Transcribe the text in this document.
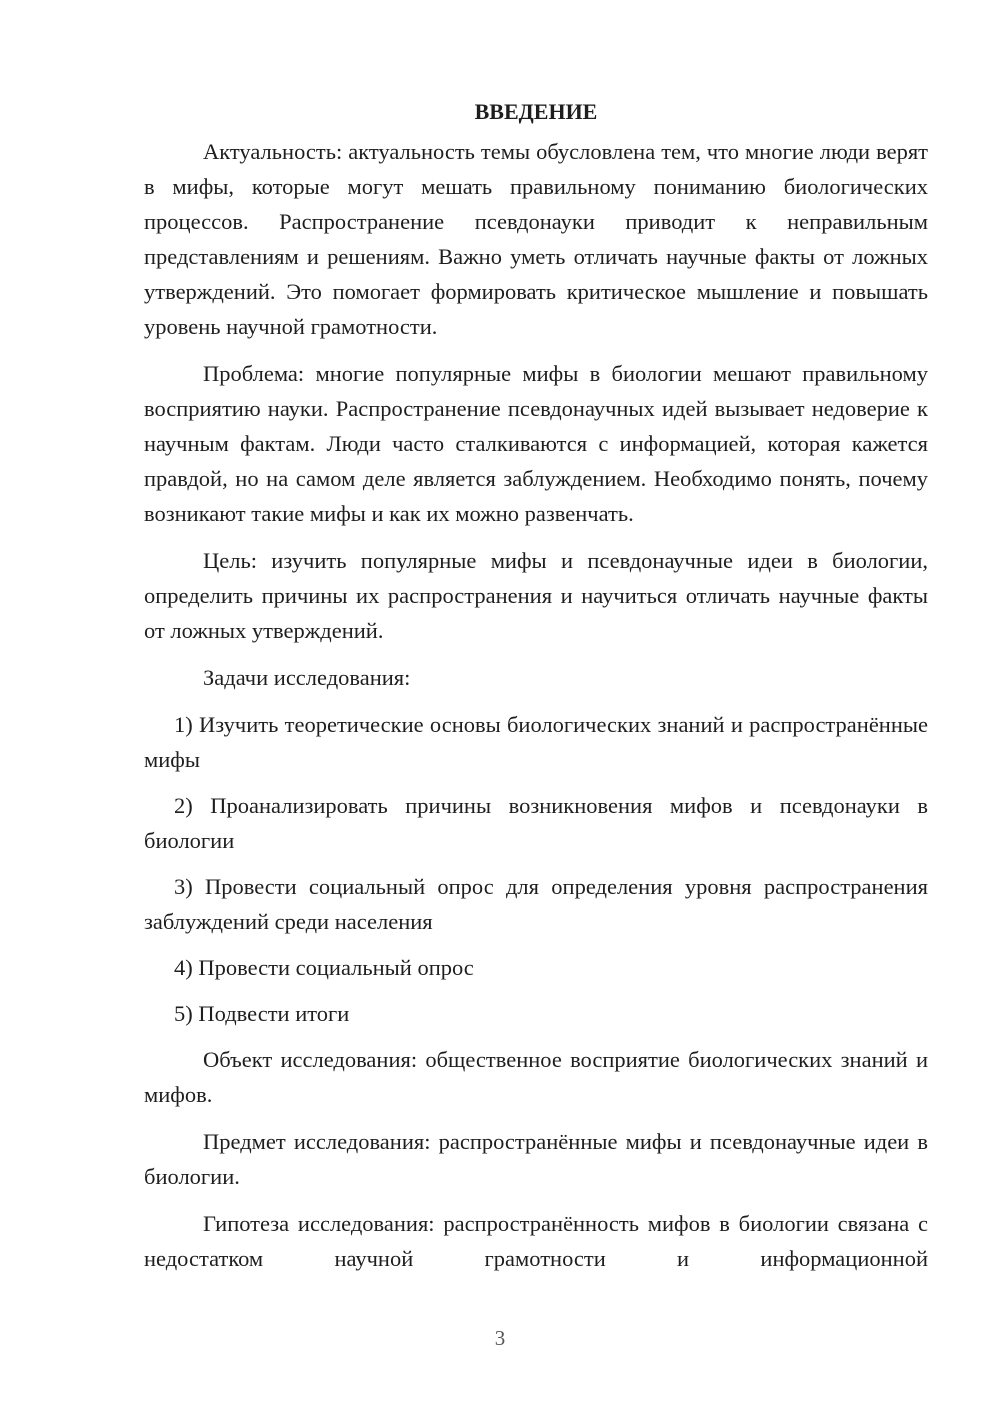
ВВЕДЕНИЕ

Актуальность: актуальность темы обусловлена тем, что многие люди верят в мифы, которые могут мешать правильному пониманию биологических процессов. Распространение псевдонауки приводит к неправильным представлениям и решениям. Важно уметь отличать научные факты от ложных утверждений. Это помогает формировать критическое мышление и повышать уровень научной грамотности.

Проблема: многие популярные мифы в биологии мешают правильному восприятию науки. Распространение псевдонаучных идей вызывает недоверие к научным фактам. Люди часто сталкиваются с информацией, которая кажется правдой, но на самом деле является заблуждением. Необходимо понять, почему возникают такие мифы и как их можно развенчать.

Цель: изучить популярные мифы и псевдонаучные идеи в биологии, определить причины их распространения и научиться отличать научные факты от ложных утверждений.

Задачи исследования:

1) Изучить теоретические основы биологических знаний и распространённые мифы

2) Проанализировать причины возникновения мифов и псевдонауки в биологии

3) Провести социальный опрос для определения уровня распространения заблуждений среди населения

4) Провести социальный опрос

5) Подвести итоги

Объект исследования: общественное восприятие биологических знаний и мифов.

Предмет исследования: распространённые мифы и псевдонаучные идеи в биологии.

Гипотеза исследования: распространённость мифов в биологии связана с недостатком научной грамотности и информационной

3
